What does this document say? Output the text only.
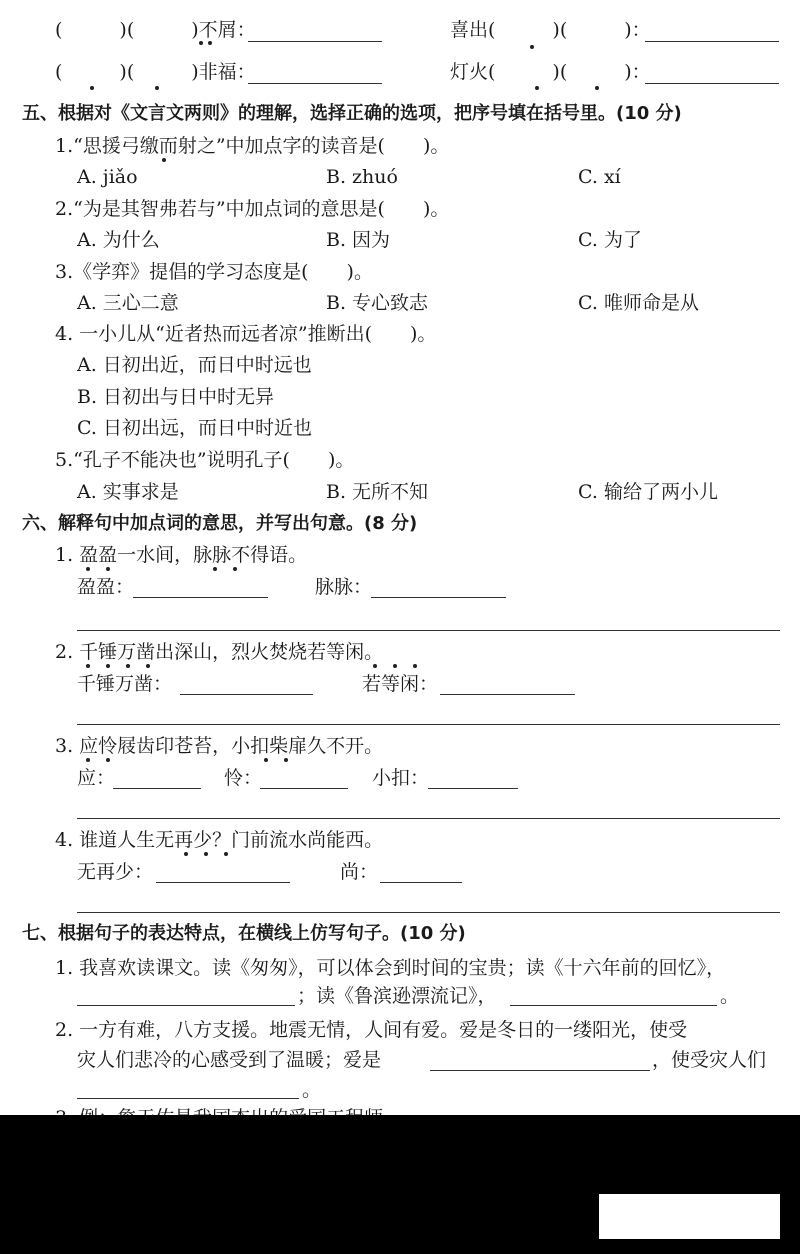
(　　　)(　　　)不屑：	喜出(　　　)(　　　)：
(　　　)(　　　)非福：	灯火(　　　)(　　　)：
五、根据对《文言文两则》的理解，选择正确的选项，把序号填在括号里。(10 分)
1.“思援弓缴而射之”中加点字的读音是(　　)。
A. jiǎo	B. zhuó	C. xí
2.“为是其智弗若与”中加点词的意思是(　　)。
A. 为什么	B. 因为	C. 为了
3.《学弈》提倡的学习态度是(　　)。
A. 三心二意	B. 专心致志	C. 唯师命是从
4. 一小儿从“近者热而远者凉”推断出(　　)。
A. 日初出近，而日中时远也
B. 日初出与日中时无异
C. 日初出远，而日中时近也
5.“孔子不能决也”说明孔子(　　)。
A. 实事求是	B. 无所不知	C. 输给了两小儿
六、解释句中加点词的意思，并写出句意。(8 分)
1. 盈盈一水间，脉脉不得语。
盈盈：	脉脉：
2. 千锤万凿出深山，烈火焚烧若等闲。
千锤万凿：	若等闲：
3. 应怜屐齿印苍苔，小扣柴扉久不开。
应：	怜：	小扣：
4. 谁道人生无再少？门前流水尚能西。
无再少：	尚：
七、根据句子的表达特点，在横线上仿写句子。(10 分)
1. 我喜欢读课文。读《匆匆》，可以体会到时间的宝贵；读《十六年前的回忆》，
；读《鲁滨逊漂流记》，	。
2. 一方有难，八方支援。地震无情，人间有爱。爱是冬日的一缕阳光，使受
灾人们悲冷的心感受到了温暖；爱是	，使受灾人们
。
